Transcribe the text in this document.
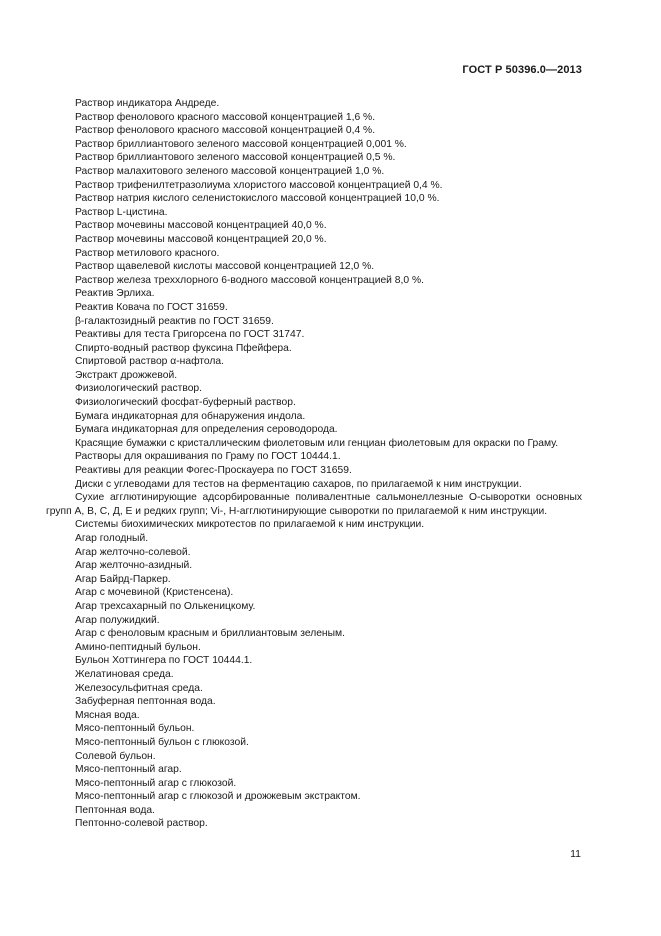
ГОСТ Р 50396.0—2013
Раствор индикатора Андреде.
Раствор фенолового красного массовой концентрацией 1,6 %.
Раствор фенолового красного массовой концентрацией 0,4 %.
Раствор бриллиантового зеленого массовой концентрацией 0,001 %.
Раствор бриллиантового зеленого массовой концентрацией 0,5 %.
Раствор малахитового зеленого массовой концентрацией 1,0 %.
Раствор трифенилтетразолиума хлористого массовой концентрацией 0,4 %.
Раствор натрия кислого селенистокислого массовой концентрацией 10,0 %.
Раствор L-цистина.
Раствор мочевины массовой концентрацией 40,0 %.
Раствор мочевины массовой концентрацией 20,0 %.
Раствор метилового красного.
Раствор щавелевой кислоты массовой концентрацией 12,0 %.
Раствор железа треххлорного 6-водного массовой концентрацией 8,0 %.
Реактив Эрлиха.
Реактив Ковача по ГОСТ 31659.
β-галактозидный реактив по ГОСТ 31659.
Реактивы для теста Григорсена по ГОСТ 31747.
Спирто-водный раствор фуксина Пфейфера.
Спиртовой раствор α-нафтола.
Экстракт дрожжевой.
Физиологический раствор.
Физиологический фосфат-буферный раствор.
Бумага индикаторная для обнаружения индола.
Бумага индикаторная для определения сероводорода.
Красящие бумажки с кристаллическим фиолетовым или генциан фиолетовым для окраски по Граму.
Растворы для окрашивания по Граму по ГОСТ 10444.1.
Реактивы для реакции Фогес-Проскауера по ГОСТ 31659.
Диски с углеводами для тестов на ферментацию сахаров, по прилагаемой к ним инструкции.
Сухие агглютинирующие адсорбированные поливалентные сальмонеллезные О-сыворотки основных групп А, В, С, Д, Е и редких групп; Vi-, Н-агглютинирующие сыворотки по прилагаемой к ним инструкции.
Системы биохимических микротестов по прилагаемой к ним инструкции.
Агар голодный.
Агар желточно-солевой.
Агар желточно-азидный.
Агар Байрд-Паркер.
Агар с мочевиной (Кристенсена).
Агар трехсахарный по Олькеницкому.
Агар полужидкий.
Агар с феноловым красным и бриллиантовым зеленым.
Амино-пептидный бульон.
Бульон Хоттингера по ГОСТ 10444.1.
Желатиновая среда.
Железосульфитная среда.
Забуферная пептонная вода.
Мясная вода.
Мясо-пептонный бульон.
Мясо-пептонный бульон с глюкозой.
Солевой бульон.
Мясо-пептонный агар.
Мясо-пептонный агар с глюкозой.
Мясо-пептонный агар с глюкозой и дрожжевым экстрактом.
Пептонная вода.
Пептонно-солевой раствор.
11
